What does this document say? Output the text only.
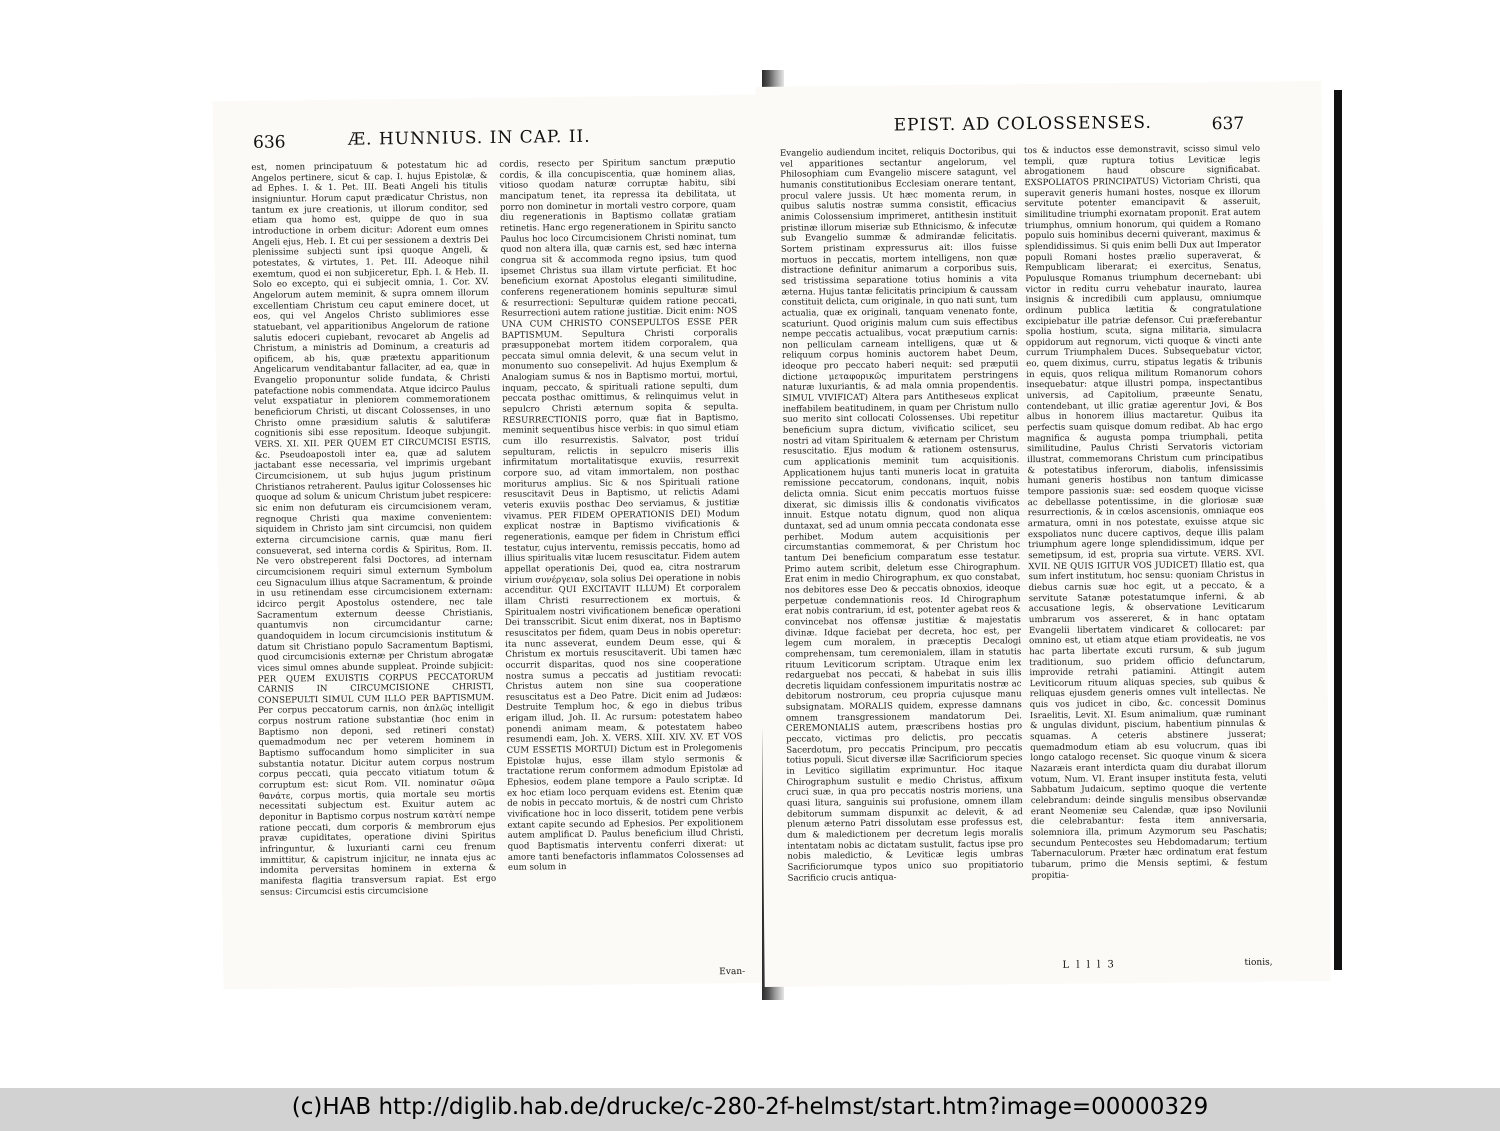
636	Æ. HUNNIUS. IN CAP. II.

est, nomen principatuum & potestatum hic ad Angelos pertinere, sicut & cap. I. hujus Epistolæ, & ad Ephes. I. & 1. Pet. III. Beati Angeli his titulis insigniuntur. Horum caput prædicatur Christus, non tantum ex jure creationis, ut illorum conditor, sed etiam qua homo est, quippe de quo in sua introductione in orbem dicitur: Adorent eum omnes Angeli ejus, Heb. I. Et cui per sessionem a dextris Dei plenissime subjecti sunt ipsi quoque Angeli, & potestates, & virtutes, 1. Pet. III. Adeoque nihil exemtum, quod ei non subjiceretur, Eph. I. & Heb. II. Solo eo excepto, qui ei subjecit omnia, 1. Cor. XV. Angelorum autem meminit, & supra omnem illorum excellentiam Christum ceu caput eminere docet, ut eos, qui vel Angelos Christo sublimiores esse statuebant, vel apparitionibus Angelorum de ratione salutis edoceri cupiebant, revocaret ab Angelis ad Christum, a ministris ad Dominum, a creaturis ad opificem, ab his, quæ prætextu apparitionum Angelicarum venditabantur fallaciter, ad ea, quæ in Evangelio proponuntur solide fundata, & Christi patefactione nobis commendata. Atque idcirco Paulus velut exspatiatur in pleniorem commemorationem beneficiorum Christi, ut discant Colossenses, in uno Christo omne præsidium salutis & salutiferæ cognitionis sibi esse repositum. Ideoque subjungit. VERS. XI. XII. PER QUEM ET CIRCUMCISI ESTIS, &c. Pseudoapostoli inter ea, quæ ad salutem jactabant esse necessaria, vel imprimis urgebant Circumcisionem, ut sub hujus jugum pristinum Christianos retraherent. Paulus igitur Colossenses hic quoque ad solum & unicum Christum jubet respicere: sic enim non defuturam eis circumcisionem veram, regnoque Christi qua maxime convenientem: siquidem in Christo jam sint circumcisi, non quidem externa circumcisione carnis, quæ manu fieri consueverat, sed interna cordis & Spiritus, Rom. II. Ne vero obstreperent falsi Doctores, ad internam circumcisionem requiri simul externum Symbolum ceu Signaculum illius atque Sacramentum, & proinde in usu retinendam esse circumcisionem externam: idcirco pergit Apostolus ostendere, nec tale Sacramentum externum deesse Christianis, quantumvis non circumcidantur carne; quandoquidem in locum circumcisionis institutum & datum sit Christiano populo Sacramentum Baptismi, quod circumcisionis externæ per Christum abrogatæ vices simul omnes abunde suppleat. Proinde subjicit: PER QUEM EXUISTIS CORPUS PECCATORUM CARNIS IN CIRCUMCISIONE CHRISTI, CONSEPULTI SIMUL CUM ILLO PER BAPTISMUM. Per corpus peccatorum carnis, non ἁπλῶς intelligit corpus nostrum ratione substantiæ (hoc enim in Baptismo non deponi, sed retineri constat) quemadmodum nec per veterem hominem in Baptismo suffocandum homo simpliciter in sua substantia notatur. Dicitur autem corpus nostrum corpus peccati, quia peccato vitiatum totum & corruptum est: sicut Rom. VII. nominatur σῶμα θανάτε, corpus mortis, quia mortale seu mortis necessitati subjectum est. Exuitur autem ac deponitur in Baptismo corpus nostrum κατὰτί nempe ratione peccati, dum corporis & membrorum ejus pravæ cupiditates, operatione divini Spiritus infringuntur, & luxurianti carni ceu frenum immittitur, & capistrum injicitur, ne innata ejus ac indomita perversitas hominem in externa & manifesta flagitia transversum rapiat. Est ergo sensus: Circumcisi estis circumcisione

cordis, resecto per Spiritum sanctum præputio cordis, & illa concupiscentia, quæ hominem alias, vitioso quodam naturæ corruptæ habitu, sibi mancipatum tenet, ita repressa ita debilitata, ut porro non dominetur in mortali vestro corpore, quam diu regenerationis in Baptismo collatæ gratiam retinetis. Hanc ergo regenerationem in Spiritu sancto Paulus hoc loco Circumcisionem Christi nominat, tum quod non altera illa, quæ carnis est, sed hæc interna congrua sit & accommoda regno ipsius, tum quod ipsemet Christus sua illam virtute perficiat. Et hoc beneficium exornat Apostolus eleganti similitudine, conferens regenerationem hominis sepulturæ simul & resurrectioni: Sepulturæ quidem ratione peccati, Resurrectioni autem ratione justitiæ. Dicit enim: NOS UNA CUM CHRISTO CONSEPULTOS ESSE PER BAPTISMUM. Sepultura Christi corporalis præsupponebat mortem itidem corporalem, qua peccata simul omnia delevit, & una secum velut in monumento suo consepelivit. Ad hujus Exemplum & Analogiam sumus & nos in Baptismo mortui, mortui, inquam, peccato, & spirituali ratione sepulti, dum peccata posthac omittimus, & relinquimus velut in sepulcro Christi æternum sopita & sepulta. RESURRECTIONIS porro, quæ fiat in Baptismo, meminit sequentibus hisce verbis: in quo simul etiam cum illo resurrexistis. Salvator, post triduí sepulturam, relictis in sepulcro miseris illis infirmitatum mortalitatisque exuviis, resurrexit corpore suo, ad vitam immortalem, non posthac moriturus amplius. Sic & nos Spirituali ratione resuscitavit Deus in Baptismo, ut relictis Adami veteris exuviis posthac Deo serviamus, & justitiæ vivamus. PER FIDEM OPERATIONIS DEI) Modum explicat nostræ in Baptismo vivificationis & regenerationis, eamque per fidem in Christum effici testatur, cujus interventu, remissis peccatis, homo ad illius spiritualis vitæ lucem resuscitatur. Fidem autem appellat operationis Dei, quod ea, citra nostrarum virium συνέργειαν, sola solius Dei operatione in nobis accenditur. QUI EXCITAVIT ILLUM) Et corporalem illam Christi resurrectionem ex mortuis, & Spiritualem nostri vivificationem beneficæ operationi Dei transscribit. Sicut enim dixerat, nos in Baptismo resuscitatos per fidem, quam Deus in nobis operetur: ita nunc asseverat, eundem Deum esse, qui & Christum ex mortuis resuscitaverit. Ubi tamen hæc occurrit disparitas, quod nos sine cooperatione nostra sumus a peccatis ad justitiam revocati: Christus autem non sine sua cooperatione resuscitatus est a Deo Patre. Dicit enim ad Judæos: Destruite Templum hoc, & ego in diebus tribus erigam illud, Joh. II. Ac rursum: potestatem habeo ponendi animam meam, & potestatem habeo resumendi eam, Joh. X. VERS. XIII. XIV. XV. ET VOS CUM ESSETIS MORTUI) Dictum est in Prolegomenis Epistolæ hujus, esse illam stylo sermonis & tractatione rerum conformem admodum Epistolæ ad Ephesios, eodem plane tempore a Paulo scriptæ. Id ex hoc etiam loco perquam evidens est. Etenim quæ de nobis in peccato mortuis, & de nostri cum Christo vivificatione hoc in loco disserit, totidem pene verbis extant capite secundo ad Ephesios. Per expolitionem autem amplificat D. Paulus beneficium illud Christi, quod Baptismatis interventu conferri dixerat: ut amore tanti benefactoris inflammatos Colossenses ad eum solum in

Evan-
EPIST. AD COLOSSENSES.	637

Evangelio audiendum incitet, reliquis Doctoribus, qui vel apparitiones sectantur angelorum, vel Philosophiam cum Evangelio miscere satagunt, vel humanis constitutionibus Ecclesiam onerare tentant, procul valere jussis. Ut hæc momenta rerum, in quibus salutis nostræ summa consistit, efficacius animis Colossensium imprimeret, antithesin instituit pristinæ illorum miseriæ sub Ethnicismo, & infecutæ sub Evangelio summæ & admirandæ felicitatis. Sortem pristinam expressurus ait: illos fuisse mortuos in peccatis, mortem intelligens, non quæ distractione definitur animarum a corporibus suis, sed tristissima separatione totius hominis a vita æterna. Hujus tantæ felicitatis principium & caussam constituit delicta, cum originale, in quo nati sunt, tum actualia, quæ ex originali, tanquam venenato fonte, scaturiunt. Quod originis malum cum suis effectibus nempe peccatis actualibus, vocat præputium carnis: non pelliculam carneam intelligens, quæ ut & reliquum corpus hominis auctorem habet Deum, ideoque pro peccato haberi nequit: sed præputii dictione μεταφορικῶς impuritatem perstringens naturæ luxuriantis, & ad mala omnia propendentis. SIMUL VIVIFICAT) Altera pars Antitheseωs explicat ineffabilem beatitudinem, in quam per Christum nullo suo merito sint collocati Colossenses. Ubi repetitur beneficium supra dictum, vivificatio scilicet, seu nostri ad vitam Spiritualem & æternam per Christum resuscitatio. Ejus modum & rationem ostensurus, cum applicationis meminit tum acquisitionis. Applicationem hujus tanti muneris locat in gratuita remissione peccatorum, condonans, inquit, nobis delicta omnia. Sicut enim peccatis mortuos fuisse dixerat, sic dimissis illis & condonatis vivificatos innuit. Estque notatu dignum, quod non aliqua duntaxat, sed ad unum omnia peccata condonata esse perhibet. Modum autem acquisitionis per circumstantias commemorat, & per Christum hoc tantum Dei beneficium comparatum esse testatur. Primo autem scribit, deletum esse Chirographum. Erat enim in medio Chirographum, ex quo constabat, nos debitores esse Deo & peccatis obnoxios, ideoque perpetuæ condemnationis reos. Id Chirographum erat nobis contrarium, id est, potenter agebat reos & convincebat nos offensæ justitiæ & majestatis divinæ. Idque faciebat per decreta, hoc est, per legem cum moralem, in præceptis Decalogi comprehensam, tum ceremonialem, illam in statutis rituum Leviticorum scriptam. Utraque enim lex redarguebat nos peccati, & habebat in suis illis decretis liquidam confessionem impuritatis nostræ ac debitorum nostrorum, ceu propria cujusque manu subsignatam. MORALIS quidem, expresse damnans omnem transgressionem mandatorum Dei. CEREMONIALIS autem, præscribens hostias pro peccato, victimas pro delictis, pro peccatis Sacerdotum, pro peccatis Principum, pro peccatis totius populi. Sicut diversæ illæ Sacrificiorum species in Levitico sigillatim exprimuntur. Hoc itaque Chirographum sustulit e medio Christus, affixum cruci suæ, in qua pro peccatis nostris moriens, una quasi litura, sanguinis sui profusione, omnem illam debitorum summam dispunxit ac delevit, & ad plenum æterno Patri dissolutam esse professus est, dum & maledictionem per decretum legis moralis intentatam nobis ac dictatam sustulit, factus ipse pro nobis maledictio, & Leviticæ legis umbras Sacrificiorumque typos unico suo propitiatorio Sacrificio crucis antiqua-

tos & inductos esse demonstravit, scisso simul velo templi, quæ ruptura totius Leviticæ legis abrogationem haud obscure significabat. EXSPOLIATOS PRINCIPATUS) Victoriam Christi, qua superavit generis humani hostes, nosque ex illorum servitute potenter emancipavit & asseruit, similitudine triumphi exornatam proponit. Erat autem triumphus, omnium honorum, qui quidem a Romano populo suis hominibus decerni quiverant, maximus & splendidissimus. Si quis enim belli Dux aut Imperator populi Romani hostes prælio superaverat, & Rempublicam liberarat; ei exercitus, Senatus, Populusque Romanus triumphum decernebant: ubi victor in reditu curru vehebatur inaurato, laurea insignis & incredibili cum applausu, omniumque ordinum publica lætitia & congratulatione excipiebatur ille patriæ defensor. Cui præferebantur spolia hostium, scuta, signa militaria, simulacra oppidorum aut regnorum, victi quoque & vincti ante currum Triumphalem Duces. Subsequebatur victor, eo, quem diximus, curru, stipatus legatis & tribunis in equis, quos reliqua militum Romanorum cohors insequebatur: atque illustri pompa, inspectantibus universis, ad Capitolium, præeunte Senatu, contendebant, ut illic gratiæ agerentur Jovi, & Bos albus in honorem illius mactaretur. Quibus ita perfectis suam quisque domum redibat. Ab hac ergo magnifica & augusta pompa triumphali, petita similitudine, Paulus Christi Servatoris victoriam illustrat, commemorans Christum cum principatibus & potestatibus inferorum, diabolis, infensissimis humani generis hostibus non tantum dimicasse tempore passionis suæ: sed eosdem quoque vicisse ac debellasse potentissime, in die gloriosæ suæ resurrectionis, & in cœlos ascensionis, omniaque eos armatura, omni in nos potestate, exuisse atque sic exspoliatos nunc ducere captivos, deque illis palam triumphum agere longe splendidissimum, idque per semetipsum, id est, propria sua virtute. VERS. XVI. XVII. NE QUIS IGITUR VOS JUDICET) Illatio est, qua sum infert institutum, hoc sensu: quoniam Christus in diebus carnis suæ hoc egit, ut a peccato, & a servitute Satanæ potestatumque inferni, & ab accusatione legis, & observatione Leviticarum umbrarum vos assereret, & in hanc optatam Evangelii libertatem vindicaret & collocaret: par omnino est, ut etiam atque etiam provideatis, ne vos hac parta libertate excuti rursum, & sub jugum traditionum, suo pridem officio defunctarum, improvide retrahi patiamini. Attingit autem Leviticorum rituum aliquas species, sub quibus & reliquas ejusdem generis omnes vult intellectas. Ne quis vos judicet in cibo, &c. concessit Dominus Israelitis, Levit. XI. Esum animalium, quæ ruminant & ungulas dividunt, piscium, habentium pinnulas & squamas. A ceteris abstinere jusserat; quemadmodum etiam ab esu volucrum, quas ibi longo catalogo recenset. Sic quoque vinum & sicera Nazaræis erant interdicta quam diu durabat illorum votum, Num. VI. Erant insuper instituta festa, veluti Sabbatum Judaicum, septimo quoque die vertente celebrandum: deinde singulis mensibus observandæ erant Neomeniæ seu Calendæ, quæ ipso Novilunii die celebrabantur: festa item anniversaria, solemniora illa, primum Azymorum seu Paschatis; secundum Pentecostes seu Hebdomadarum; tertium Tabernaculorum. Præter hæc ordinatum erat festum tubarum, primo die Mensis septimi, & festum propitia-

L l l l 3	tionis,
(c)HAB http://diglib.hab.de/drucke/c-280-2f-helmst/start.htm?image=00000329
